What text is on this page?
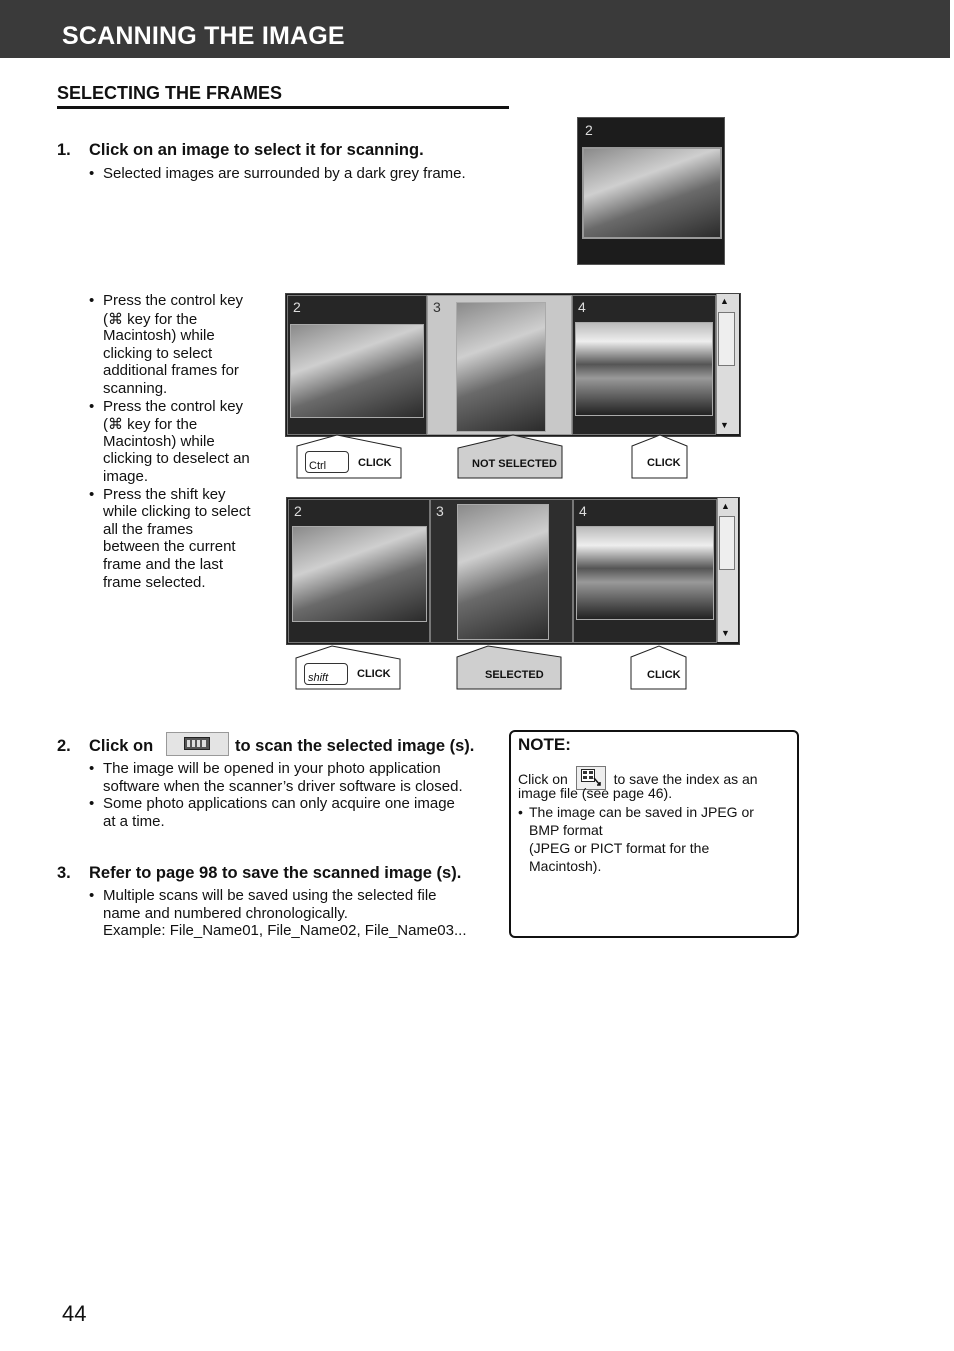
SCANNING THE IMAGE
SELECTING THE FRAMES
1. Click on an image to select it for scanning.
• Selected images are surrounded by a dark grey frame.
2
• Press the control key
(⌘ key for the
Macintosh) while
clicking to select
additional frames for
scanning.
• Press the control key
(⌘ key for the
Macintosh) while
clicking to deselect an
image.
• Press the shift key
while clicking to select
all the frames
between the current
frame and the last
frame selected.
2	3	4	▲
▼
Ctrl	CLICK	NOT SELECTED	CLICK
2	3	4	▲
▼
shift	CLICK	SELECTED	CLICK
2. Click on	to scan the selected image (s).
• The image will be opened in your photo application
software when the scanner’s driver software is closed.
• Some photo applications can only acquire one image
at a time.
3. Refer to page 98 to save the scanned image (s).
• Multiple scans will be saved using the selected file
name and numbered chronologically.
Example: File_Name01, File_Name02, File_Name03...
NOTE:
Click on	to save the index as an
image file (see page 46).
• The image can be saved in JPEG or
BMP format
(JPEG or PICT format for the
Macintosh).
44
